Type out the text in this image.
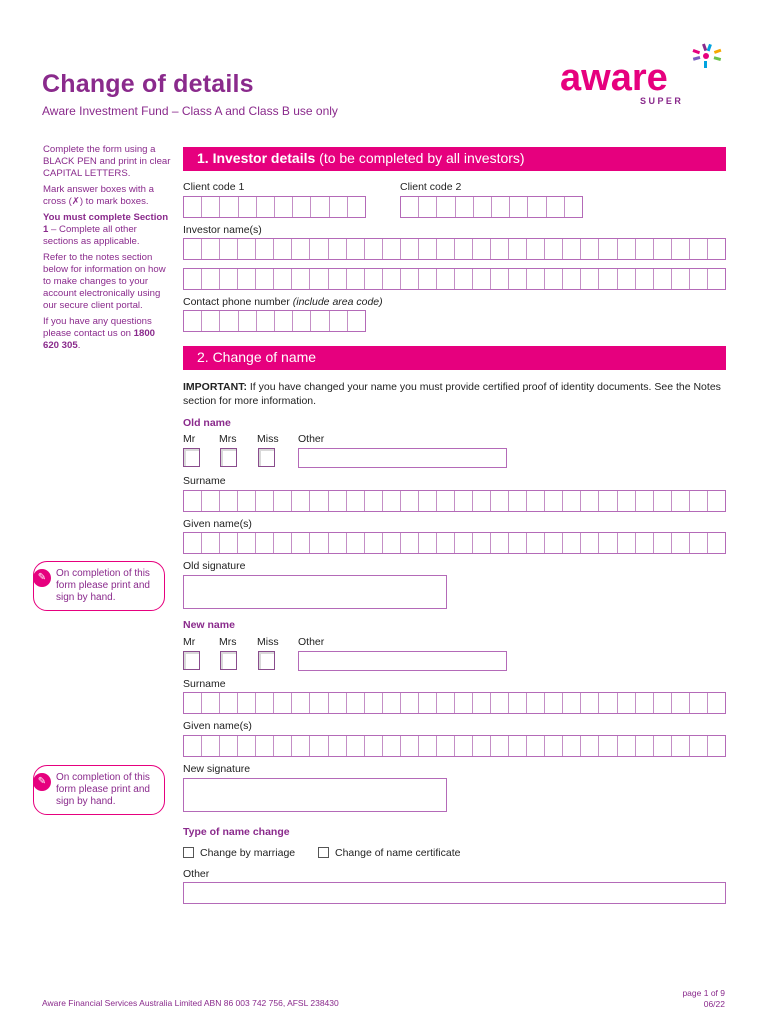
Change of details
Aware Investment Fund – Class A and Class B use only
aware
S U P E R

Complete the form using a BLACK PEN and print in clear CAPITAL LETTERS.

Mark answer boxes with a cross (✗) to mark boxes.

You must complete Section 1 – Complete all other sections as applicable.

Refer to the notes section below for information on how to make changes to your account electronically using our secure client portal.

If you have any questions please contact us on 1800 620 305.

1. Investor details (to be completed by all investors)
Client code 1	Client code 2
Investor name(s)
Contact phone number (include area code)
2. Change of name
IMPORTANT: If you have changed your name you must provide certified proof of identity documents. See the Notes section for more information.
Old name
Mr Mrs Miss Other
Surname
Given name(s)
✎ On completion of this form please print and sign by hand.
Old signature
New name
Mr Mrs Miss Other
Surname
Given name(s)
✎ On completion of this form please print and sign by hand.
New signature
Type of name change
Change by marriage	Change of name certificate
Other
Aware Financial Services Australia Limited ABN 86 003 742 756, AFSL 238430
page 1 of 9
06/22
